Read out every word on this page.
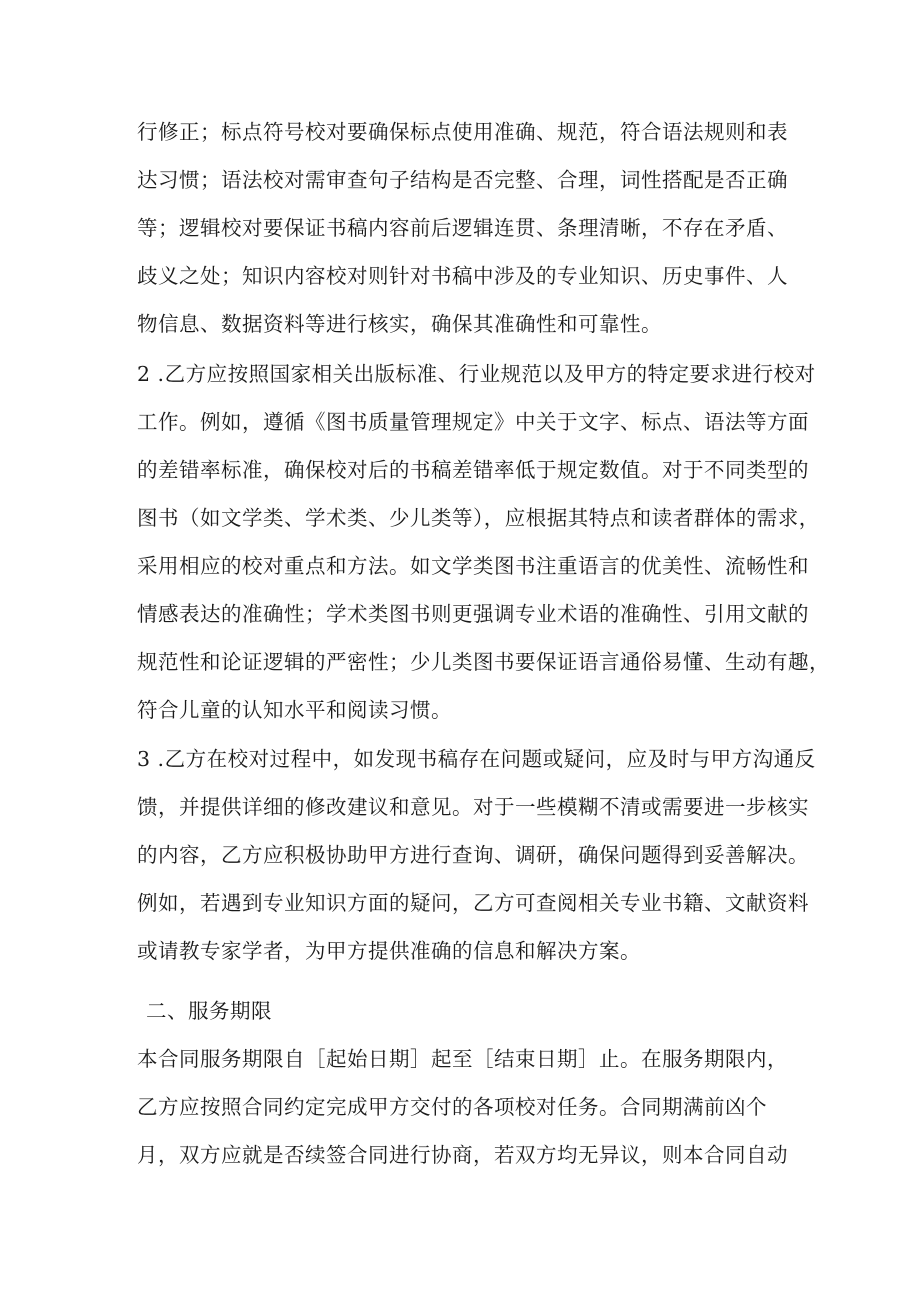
行修正；标点符号校对要确保标点使用准确、规范，符合语法规则和表
达习惯；语法校对需审查句子结构是否完整、合理，词性搭配是否正确
等；逻辑校对要保证书稿内容前后逻辑连贯、条理清晰，不存在矛盾、
歧义之处；知识内容校对则针对书稿中涉及的专业知识、历史事件、人
物信息、数据资料等进行核实，确保其准确性和可靠性。
2 .乙方应按照国家相关出版标准、行业规范以及甲方的特定要求进行校对
工作。例如，遵循《图书质量管理规定》中关于文字、标点、语法等方面
的差错率标准，确保校对后的书稿差错率低于规定数值。对于不同类型的
图书（如文学类、学术类、少儿类等），应根据其特点和读者群体的需求，
采用相应的校对重点和方法。如文学类图书注重语言的优美性、流畅性和
情感表达的准确性；学术类图书则更强调专业术语的准确性、引用文献的
规范性和论证逻辑的严密性；少儿类图书要保证语言通俗易懂、生动有趣，
符合儿童的认知水平和阅读习惯。
3 .乙方在校对过程中，如发现书稿存在问题或疑问，应及时与甲方沟通反
馈，并提供详细的修改建议和意见。对于一些模糊不清或需要进一步核实
的内容，乙方应积极协助甲方进行查询、调研，确保问题得到妥善解决。
例如，若遇到专业知识方面的疑问，乙方可查阅相关专业书籍、文献资料
或请教专家学者，为甲方提供准确的信息和解决方案。
二、服务期限
本合同服务期限自［起始日期］起至［结束日期］止。在服务期限内，
乙方应按照合同约定完成甲方交付的各项校对任务。合同期满前凶个
月，双方应就是否续签合同进行协商，若双方均无异议，则本合同自动
